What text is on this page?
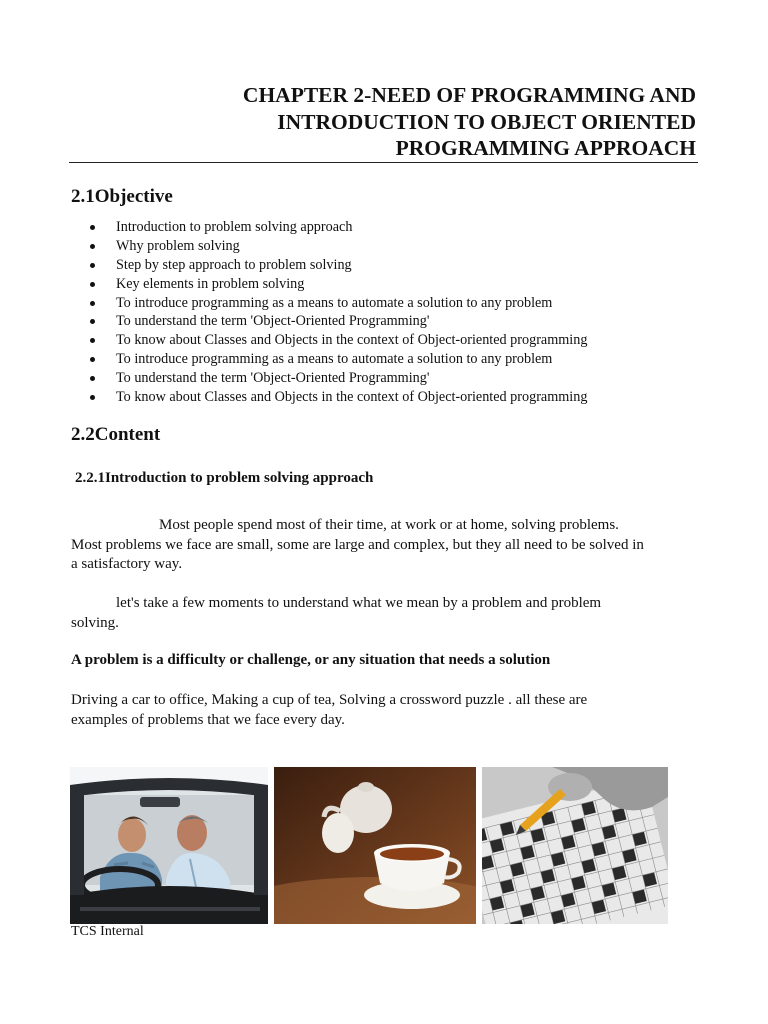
CHAPTER 2-NEED OF PROGRAMMING AND
INTRODUCTION TO OBJECT ORIENTED
PROGRAMMING APPROACH
2.1Objective
Introduction to problem solving approach
Why problem solving
Step by step approach to problem solving
Key elements in problem solving
To introduce programming as a means to automate a solution to any problem
To understand the term 'Object-Oriented Programming'
To know about Classes and Objects in the context of Object-oriented programming
To introduce programming as a means to automate a solution to any problem
To understand the term 'Object-Oriented Programming'
To know about Classes and Objects in the context of Object-oriented programming
2.2Content
2.2.1Introduction to problem solving approach

Most people spend most of their time, at work or at home, solving problems.
Most problems we face are small, some are large and complex, but they all need to be solved in
a satisfactory way.

let's take a few moments to understand what we mean by a problem and problem
solving.

A problem is a difficulty or challenge, or any situation that needs a solution

Driving a car to office, Making a cup of tea, Solving a crossword puzzle . all these are
examples of problems that we face every day.

TCS Internal
